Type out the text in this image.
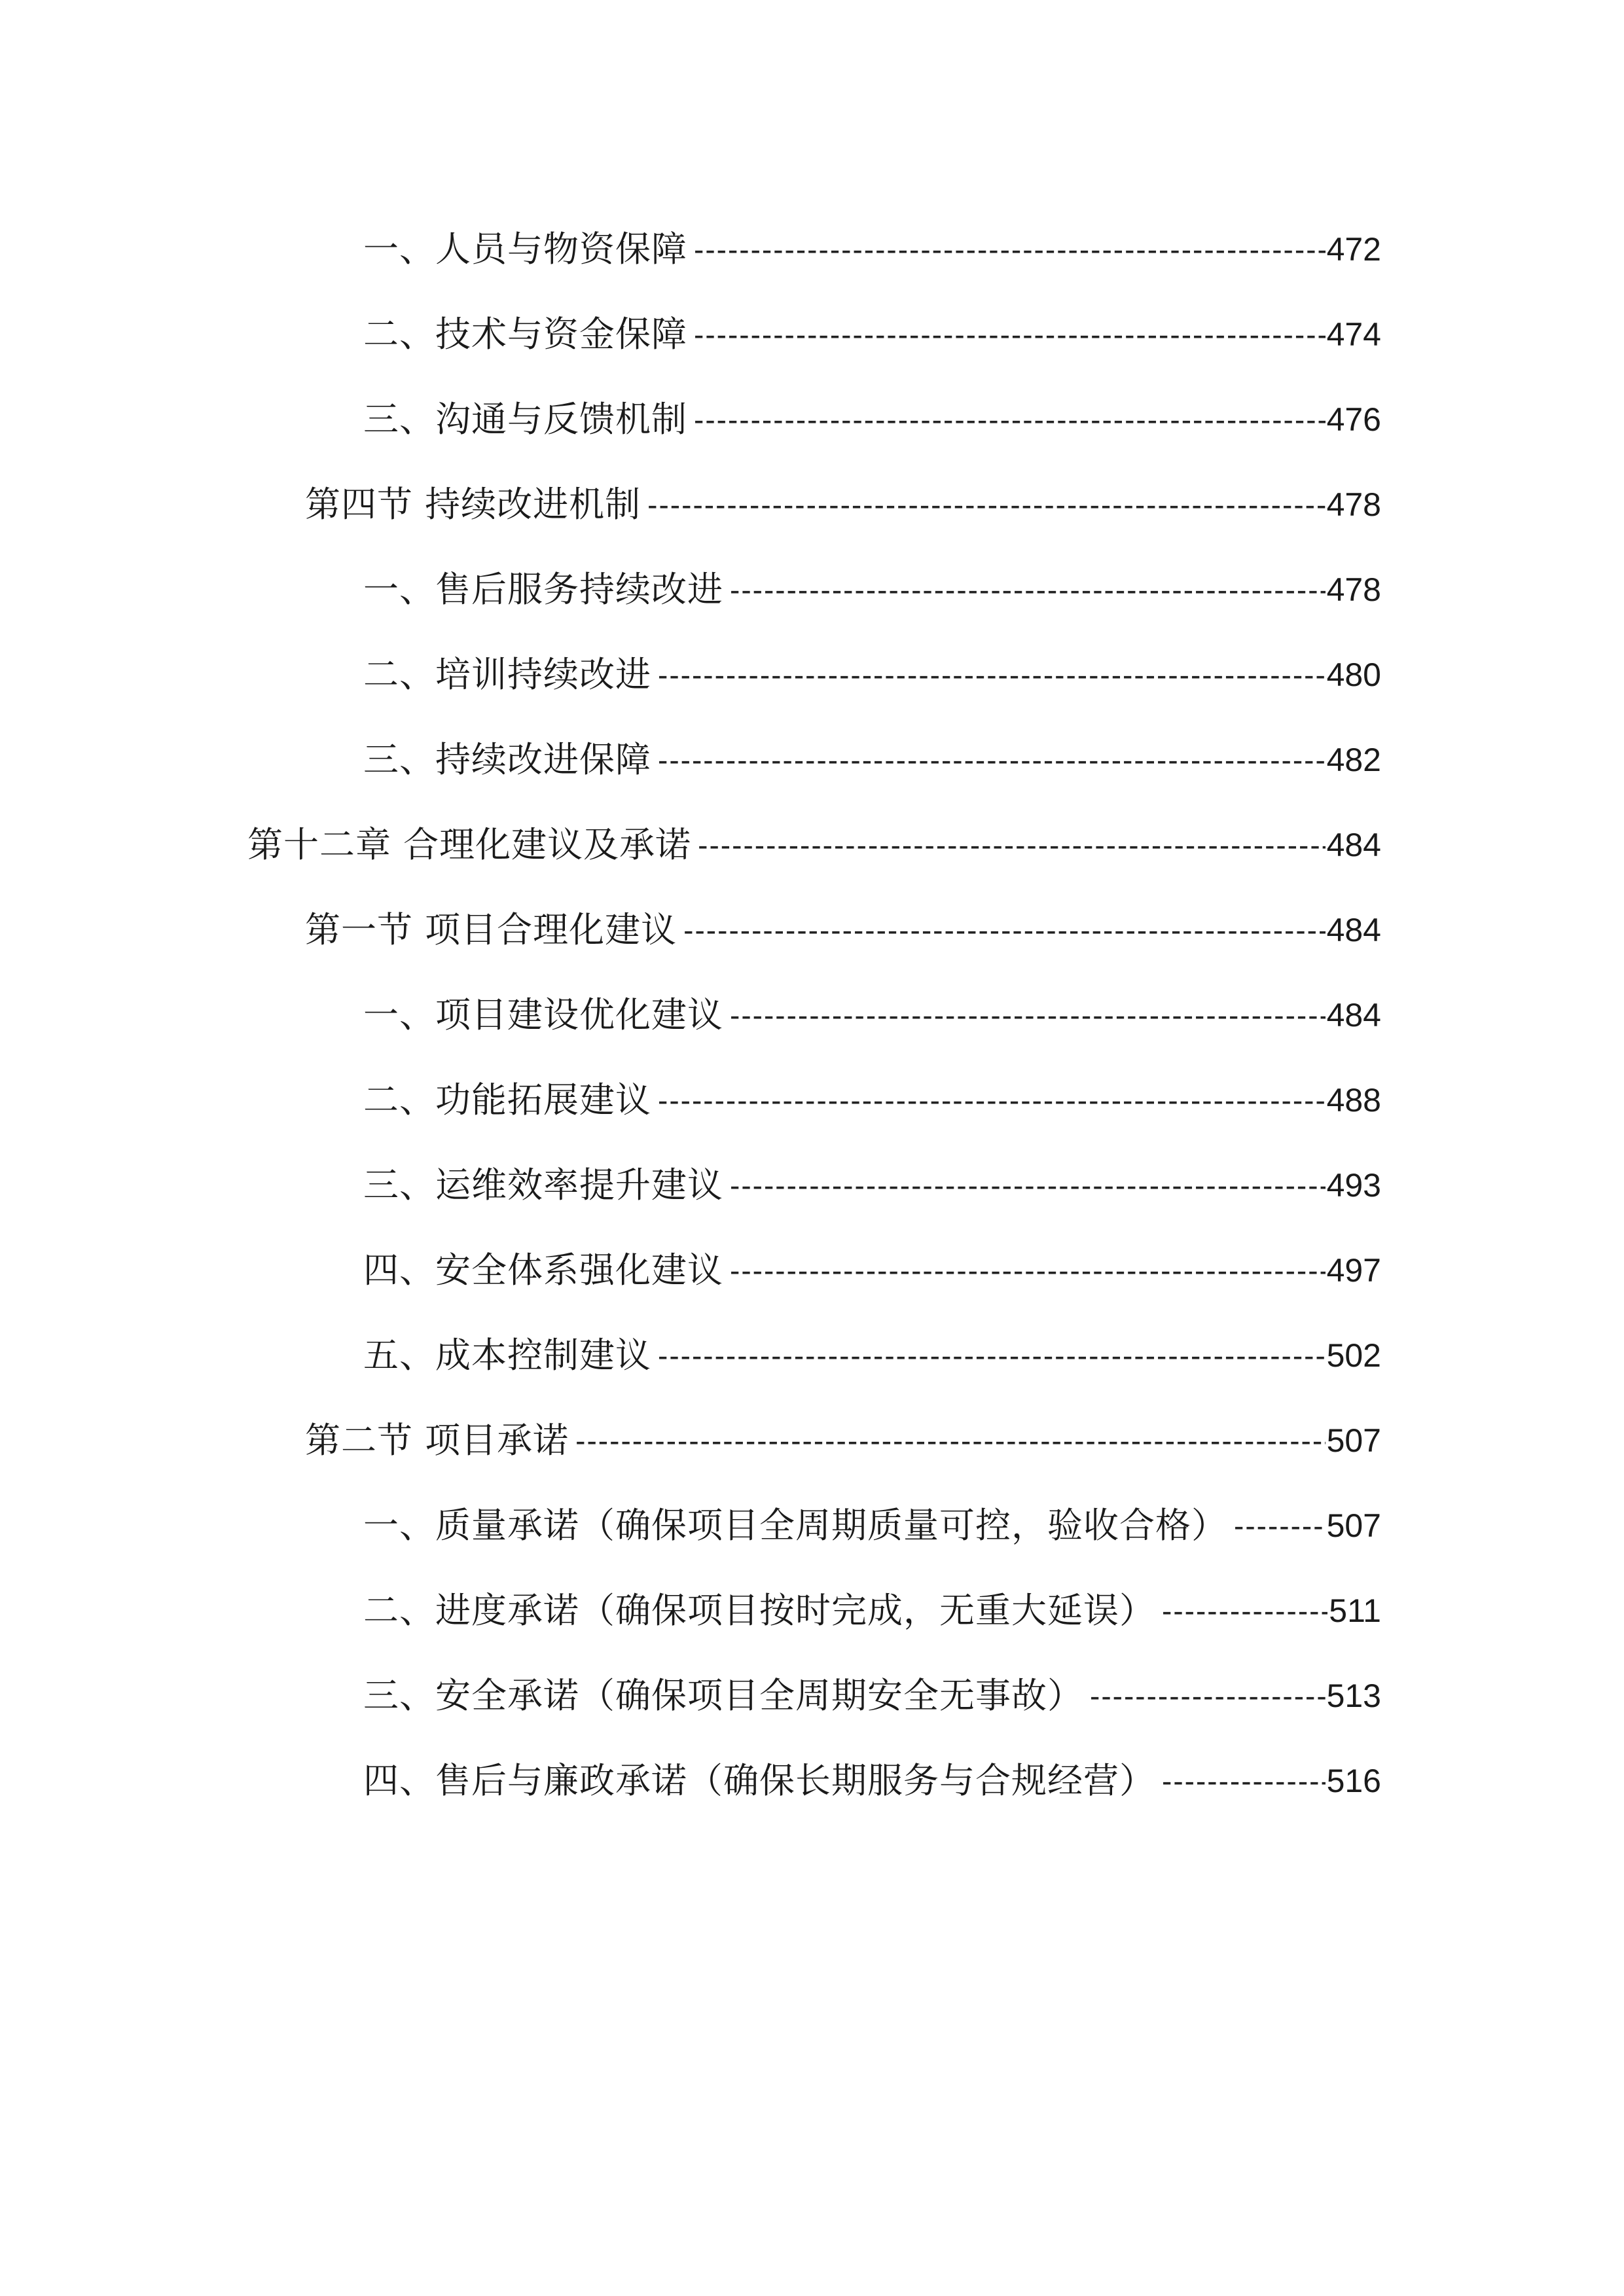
一、人员与物资保障 -----	472
二、技术与资金保障 -----	474
三、沟通与反馈机制 -----	476
第四节 持续改进机制 -----	478
一、售后服务持续改进 -----	478
二、培训持续改进 -----	480
三、持续改进保障 -----	482
第十二章 合理化建议及承诺 -----	484
第一节 项目合理化建议 -----	484
一、项目建设优化建议 -----	484
二、功能拓展建议 -----	488
三、运维效率提升建议 -----	493
四、安全体系强化建议 -----	497
五、成本控制建议 -----	502
第二节 项目承诺 -----	507
一、质量承诺（确保项目全周期质量可控，验收合格） -----	507
二、进度承诺（确保项目按时完成，无重大延误） -----	511
三、安全承诺（确保项目全周期安全无事故） -----	513
四、售后与廉政承诺（确保长期服务与合规经营） -----	516
